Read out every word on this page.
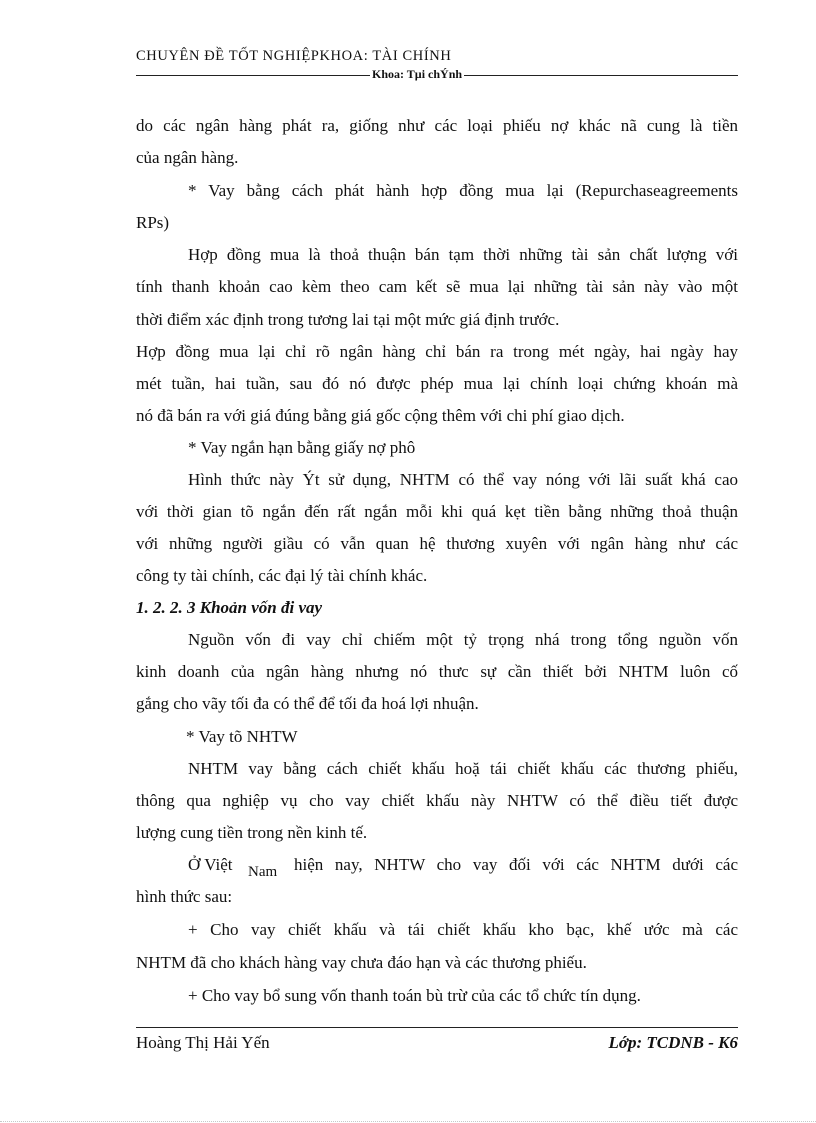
CHUYÊN ĐỀ TỐT NGHIỆPKHOA: TÀI CHÍNH
Khoa: Tµi chÝnh
do các ngân hàng phát ra, giống như các loại phiếu nợ khác nã cung là tiền
của ngân hàng.
* Vay bằng cách phát hành hợp đồng mua lại (Repurchaseagreements
RPs)
Hợp đồng mua là thoả thuận bán tạm thời những tài sản chất lượng với
tính thanh khoản cao kèm theo cam kết sẽ mua lại những tài sản này vào một
thời điểm xác định trong tương lai tại một mức giá định trước.
Hợp đồng mua lại chỉ rõ ngân hàng chỉ bán ra trong mét ngày, hai ngày hay
mét tuần, hai tuần, sau đó nó được phép mua lại chính loại chứng khoán mà
nó đã bán ra với giá đúng bằng giá gốc cộng thêm với chi phí giao dịch.
* Vay ngắn hạn bằng giấy nợ phô
Hình thức này Ýt sử dụng, NHTM có thể vay nóng với lãi suất khá cao
với thời gian tõ ngắn đến rất ngắn mỗi khi quá kẹt tiền bằng những thoả thuận
với những người giầu có vẫn quan hệ thương xuyên với ngân hàng như các
công ty tài chính, các đại lý tài chính khác.
1. 2. 2. 3 Khoản vốn đi vay
Nguồn vốn đi vay chỉ chiếm một tỷ trọng nhá trong tổng nguồn vốn
kinh doanh của ngân hàng nhưng nó thưc sự cần thiết bởi NHTM luôn cố
gắng cho vãy tối đa có thể để tối đa hoá lợi nhuận.
* Vay tõ NHTW
NHTM vay bằng cách chiết khấu hoặ tái chiết khấu các thương phiếu,
thông qua nghiệp vụ cho vay chiết khấu này NHTW có thể điều tiết được
lượng cung tiền trong nền kinh tế.
Ở Việt Nam hiện nay, NHTW cho vay đối với các NHTM dưới các
hình thức sau:
+ Cho vay chiết khấu và tái chiết khấu kho bạc, khế ước mà các
NHTM đã cho khách hàng vay chưa đáo hạn và các thương phiếu.
+ Cho vay bổ sung vốn thanh toán bù trừ của các tổ chức tín dụng.
Hoàng Thị Hải Yến	Lớp: TCDNB - K6
